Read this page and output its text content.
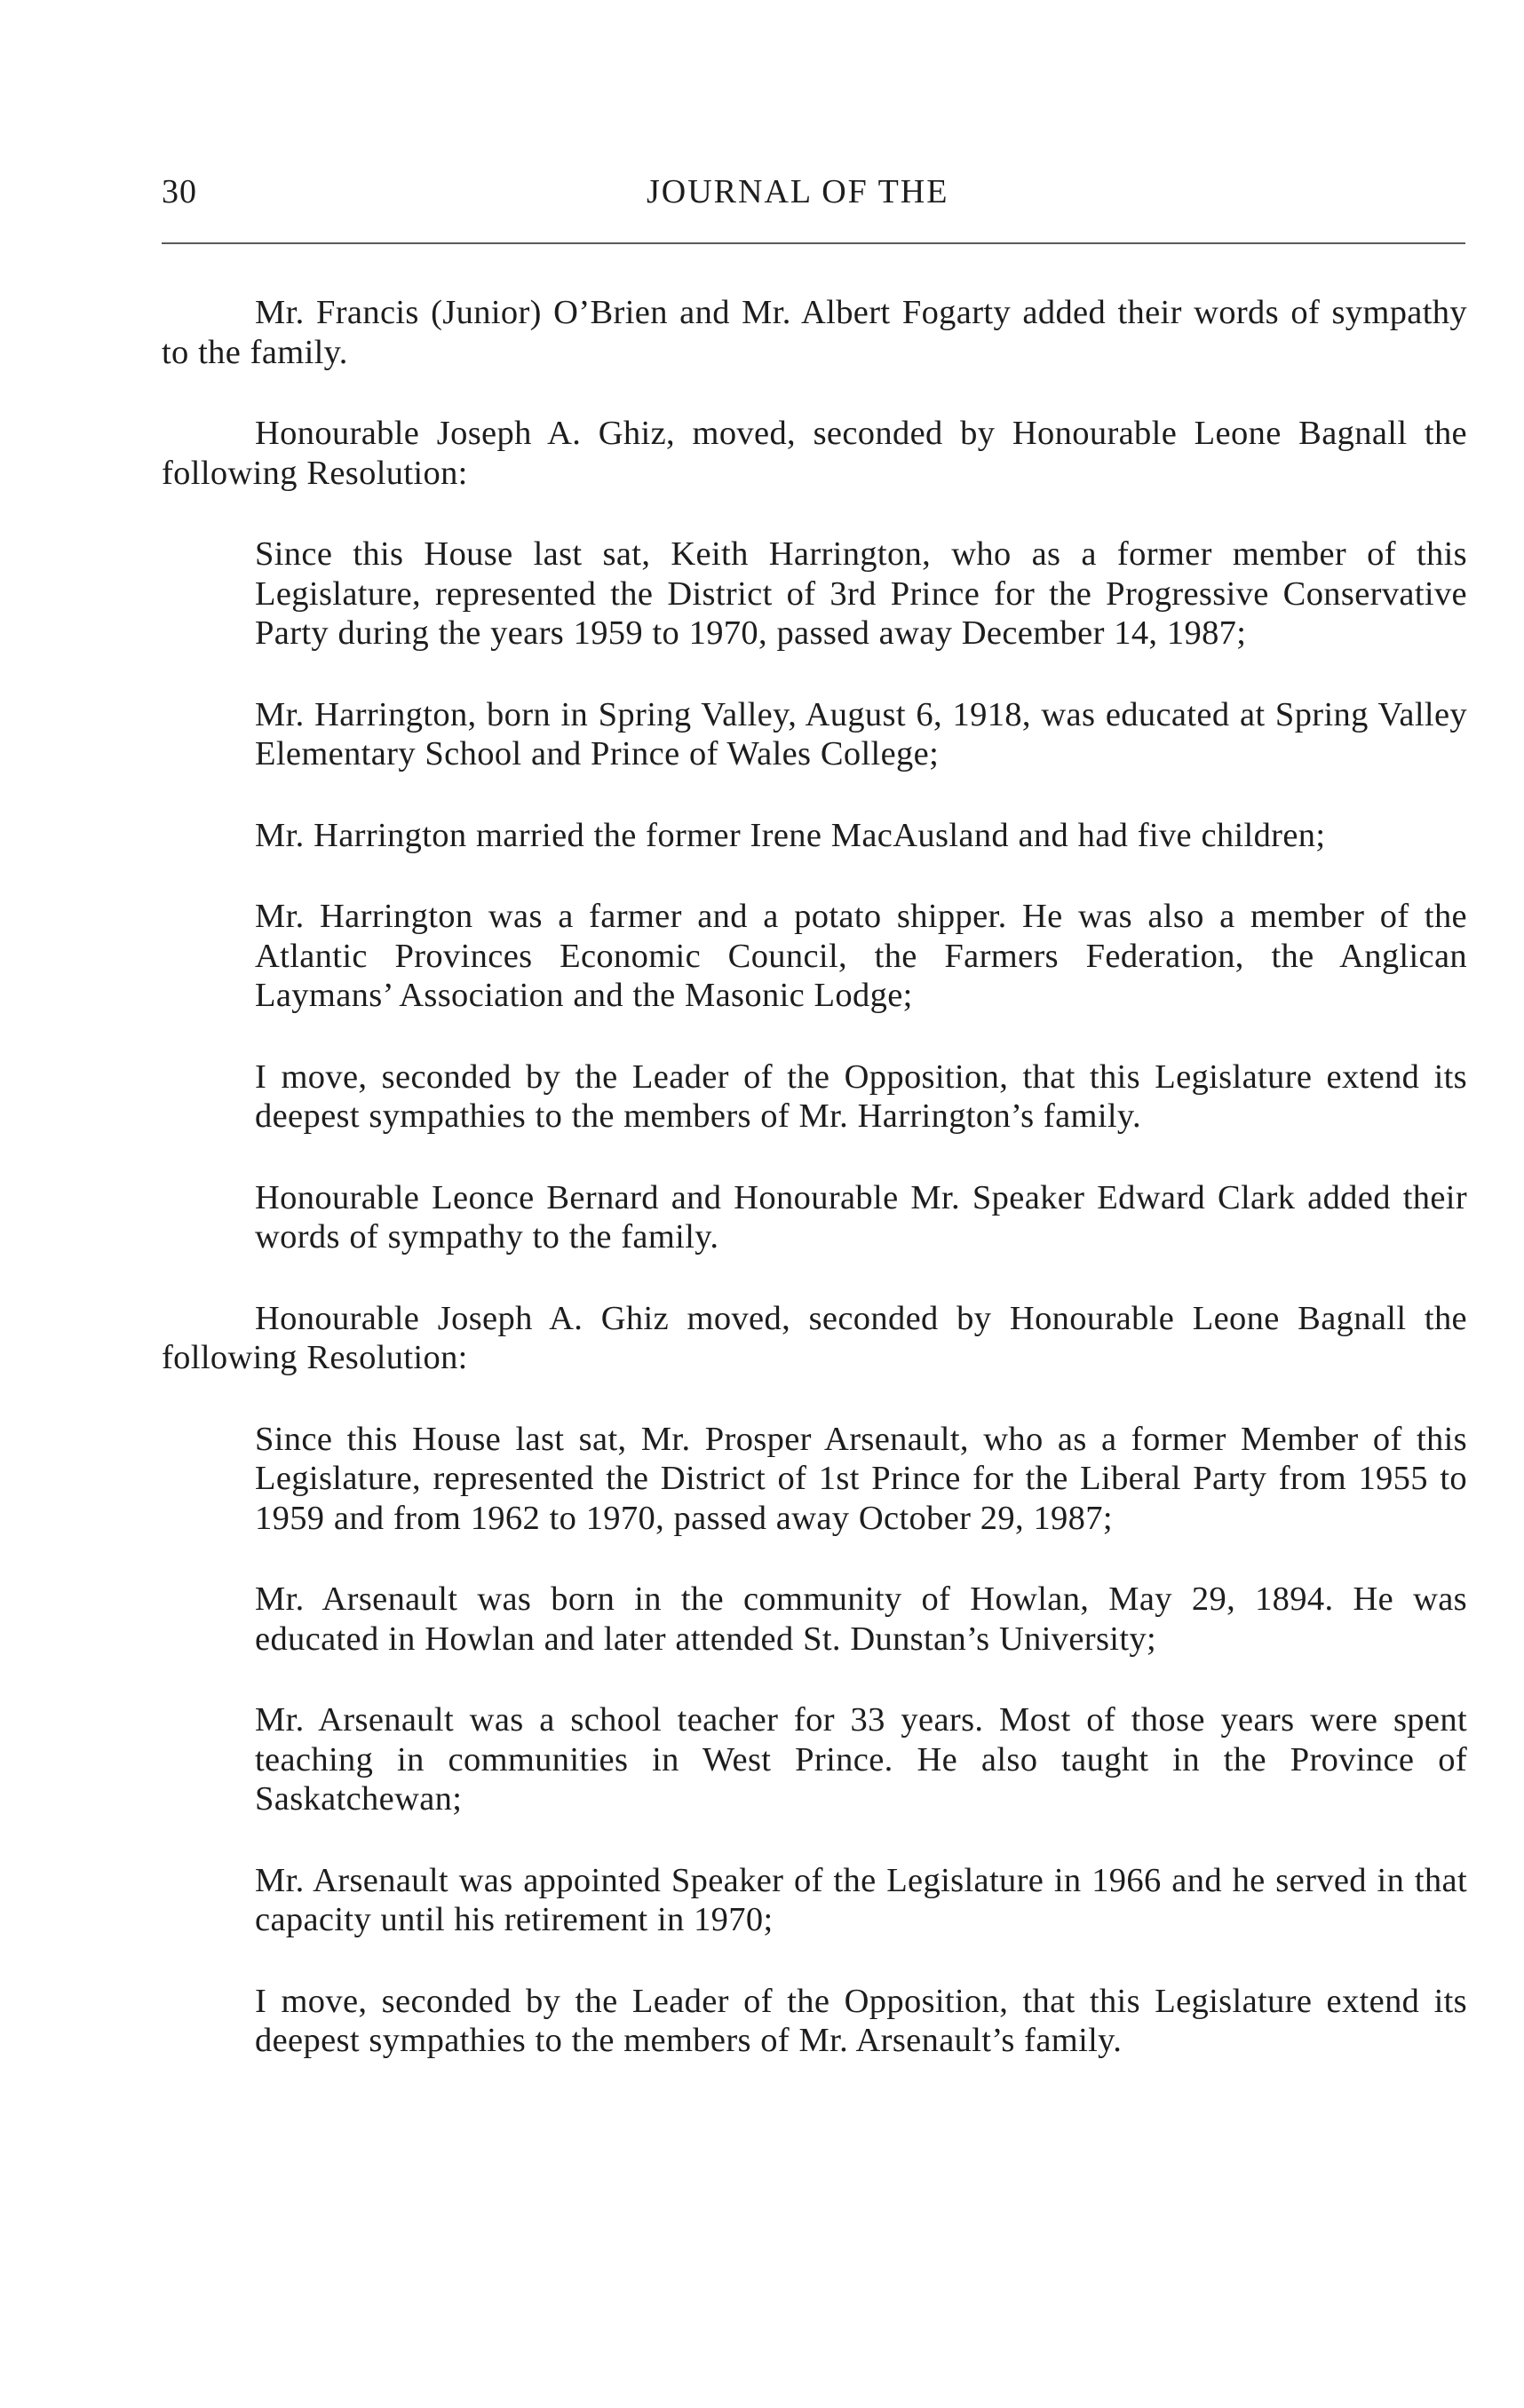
30	JOURNAL OF THE

Mr. Francis (Junior) O’Brien and Mr. Albert Fogarty added their words of sympathy to the family.

Honourable Joseph A. Ghiz, moved, seconded by Honourable Leone Bagnall the following Resolution:

Since this House last sat, Keith Harrington, who as a former member of this Legislature, represented the District of 3rd Prince for the Progressive Conservative Party during the years 1959 to 1970, passed away December 14, 1987;

Mr. Harrington, born in Spring Valley, August 6, 1918, was educated at Spring Valley Elementary School and Prince of Wales College;

Mr. Harrington married the former Irene MacAusland and had five children;

Mr. Harrington was a farmer and a potato shipper. He was also a member of the Atlantic Provinces Economic Council, the Farmers Federation, the Anglican Laymans’ Association and the Masonic Lodge;

I move, seconded by the Leader of the Opposition, that this Legislature extend its deepest sympathies to the members of Mr. Harrington’s family.

Honourable Leonce Bernard and Honourable Mr. Speaker Edward Clark added their words of sympathy to the family.

Honourable Joseph A. Ghiz moved, seconded by Honourable Leone Bagnall the following Resolution:

Since this House last sat, Mr. Prosper Arsenault, who as a former Member of this Legislature, represented the District of 1st Prince for the Liberal Party from 1955 to 1959 and from 1962 to 1970, passed away October 29, 1987;

Mr. Arsenault was born in the community of Howlan, May 29, 1894. He was educated in Howlan and later attended St. Dunstan’s University;

Mr. Arsenault was a school teacher for 33 years. Most of those years were spent teaching in communities in West Prince. He also taught in the Province of Saskatchewan;

Mr. Arsenault was appointed Speaker of the Legislature in 1966 and he served in that capacity until his retirement in 1970;

I move, seconded by the Leader of the Opposition, that this Legislature extend its deepest sympathies to the members of Mr. Arsenault’s family.
